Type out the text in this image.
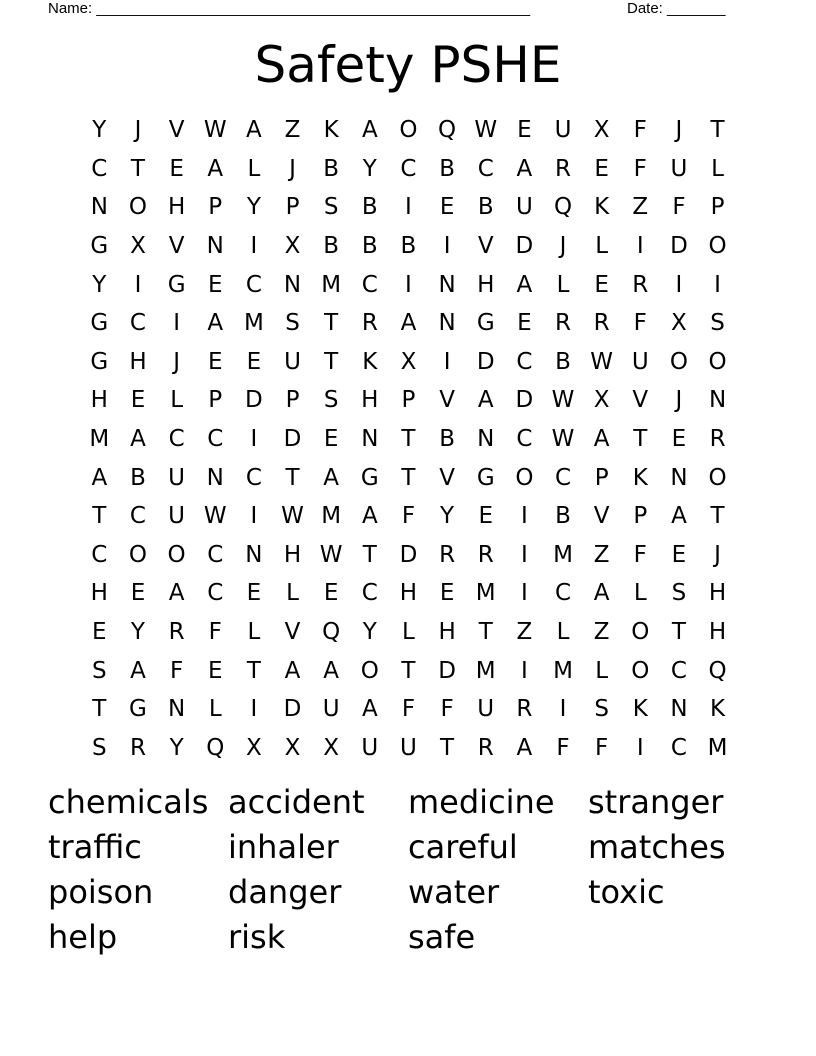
Name: ____________________________________________________	Date: _______
Safety PSHE
Y	J	V W A Z	K	A O Q W E U X	F	J	T
C	T	E	A	L	J	B	Y	C B C A R	E	F	U	L
N O H	P	Y	P	S	B	I	E	B U Q K	Z	F	P
G X V N	I	X B B B	I	V D	J	L	I	D O
Y	I	G E	C N M C	I	N H A	L	E	R	I	I
G C	I	A M S	T	R A N G E	R R	F	X	S
G H	J	E	E U	T	K	X	I	D C B W U O O
H E	L	P D P	S H	P	V A D W X V	J	N
M A C C	I	D E N	T	B N C W A	T	E	R
A B U N C	T	A G T	V G O C	P	K N O
T	C U W	I	W M A	F	Y	E	I	B V	P	A	T
C O O C N H W T D R R	I	M Z	F	E	J
H E	A C	E	L	E	C H E M	I	C A	L	S H
E	Y	R	F	L	V Q Y	L	H T	Z	L	Z O T H
S	A	F	E	T	A A O T D M	I	M L	O C Q
T G N	L	I	D U A	F	F	U R	I	S	K N K
S	R	Y Q X X X U U	T	R A	F	F	I	C M
chemicals accident	medicine	stranger
traffic	inhaler	careful	matches
poison	danger	water	toxic
help	risk	safe
